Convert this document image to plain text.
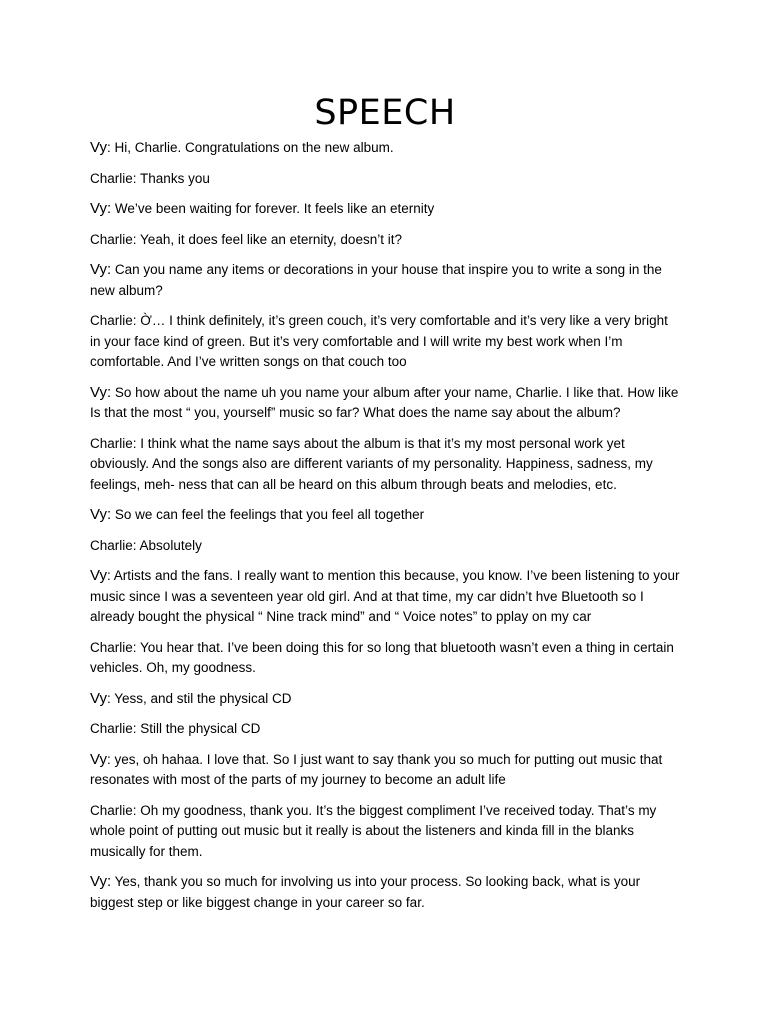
SPEECH

Vy: Hi, Charlie. Congratulations on the new album.

Charlie: Thanks you

Vy: We’ve been waiting for forever. It feels like an eternity

Charlie: Yeah, it does feel like an eternity, doesn’t it?

Vy: Can you name any items or decorations in your house that inspire you to write a song in the new album?

Charlie: Ờ… I think definitely, it’s green couch, it’s very comfortable and it’s very like a very bright in your face kind of green. But it’s very comfortable and I will write my best work when I’m comfortable. And I’ve written songs on that couch too

Vy: So how about the name uh you name your album after your name, Charlie. I like that. How like Is that the most “ you, yourself” music so far? What does the name say about the album?

Charlie: I think what the name says about the album is that it’s my most personal work yet obviously. And the songs also are different variants of my personality. Happiness, sadness, my feelings, meh- ness that can all be heard on this album through beats and melodies, etc.

Vy: So we can feel the feelings that you feel all together

Charlie: Absolutely

Vy: Artists and the fans. I really want to mention this because, you know. I’ve been listening to your music since I was a seventeen year old girl. And at that time, my car didn’t hve Bluetooth so I already bought the physical “ Nine track mind” and “ Voice notes” to pplay on my car

Charlie: You hear that. I’ve been doing this for so long that bluetooth wasn’t even a thing in certain vehicles. Oh, my goodness.

Vy: Yess, and stil the physical CD

Charlie: Still the physical CD

Vy: yes, oh hahaa. I love that. So I just want to say thank you so much for putting out music that resonates with most of the parts of my journey to become an adult life

Charlie: Oh my goodness, thank you. It’s the biggest compliment I’ve received today. That’s my whole point of putting out music but it really is about the listeners and kinda fill in the blanks musically for them.

Vy: Yes, thank you so much for involving us into your process. So looking back, what is your biggest step or like biggest change in your career so far.
